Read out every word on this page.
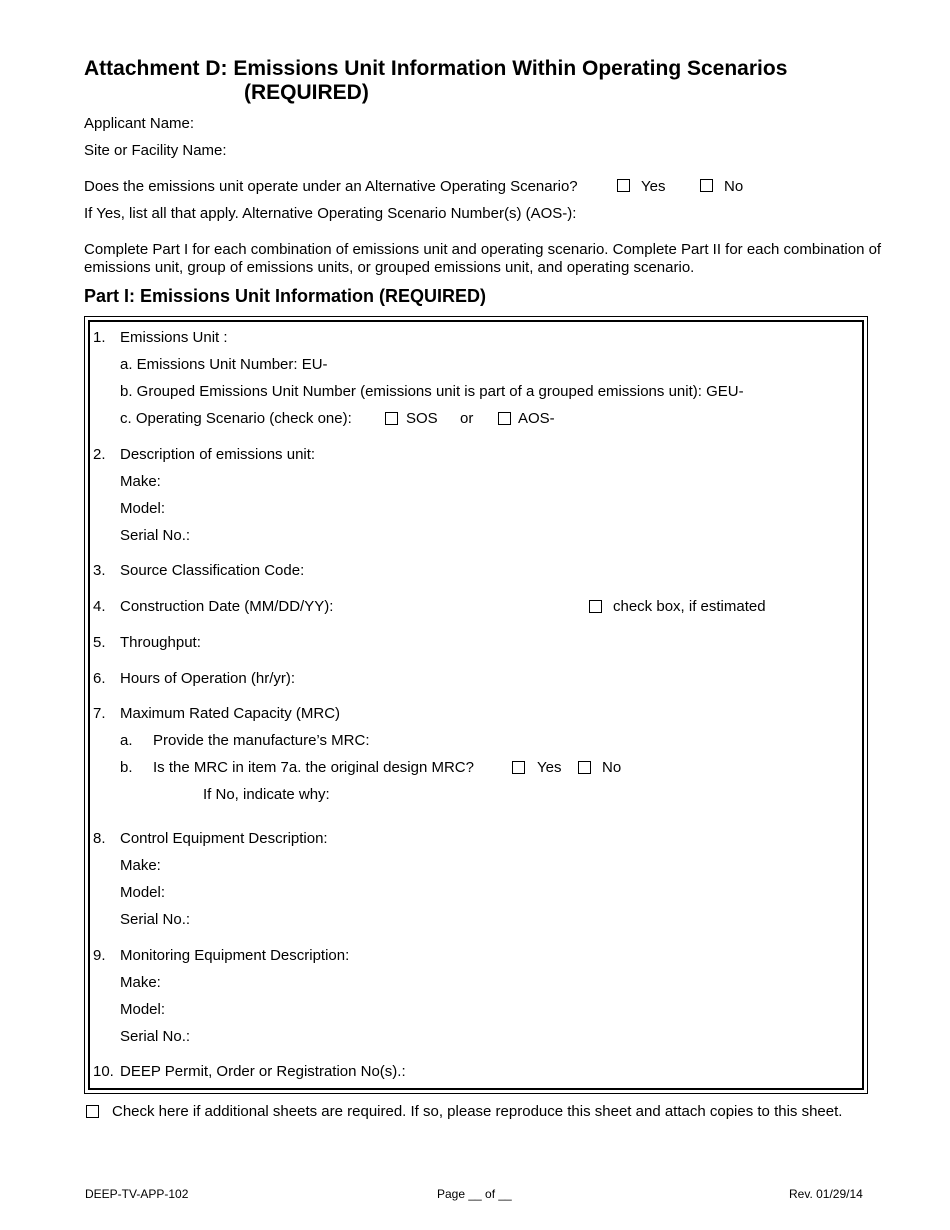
Attachment D: Emissions Unit Information Within Operating Scenarios
(REQUIRED)
Applicant Name:
Site or Facility Name:
Does the emissions unit operate under an Alternative Operating Scenario?	Yes	No
If Yes, list all that apply. Alternative Operating Scenario Number(s) (AOS-):
Complete Part I for each combination of emissions unit and operating scenario. Complete Part II for each combination of emissions unit, group of emissions units, or grouped emissions unit, and operating scenario.
Part I: Emissions Unit Information (REQUIRED)
1. Emissions Unit :
a. Emissions Unit Number: EU-
b. Grouped Emissions Unit Number (emissions unit is part of a grouped emissions unit): GEU-
c. Operating Scenario (check one):	SOS or	AOS-
2. Description of emissions unit:
Make:
Model:
Serial No.:
3. Source Classification Code:
4. Construction Date (MM/DD/YY):	check box, if estimated
5. Throughput:
6. Hours of Operation (hr/yr):
7. Maximum Rated Capacity (MRC)
a. Provide the manufacture’s MRC:
b. Is the MRC in item 7a. the original design MRC?	Yes	No
If No, indicate why:
8. Control Equipment Description:
Make:
Model:
Serial No.:
9. Monitoring Equipment Description:
Make:
Model:
Serial No.:
10. DEEP Permit, Order or Registration No(s).:
Check here if additional sheets are required. If so, please reproduce this sheet and attach copies to this sheet.
DEEP-TV-APP-102	Page __ of __	Rev. 01/29/14
